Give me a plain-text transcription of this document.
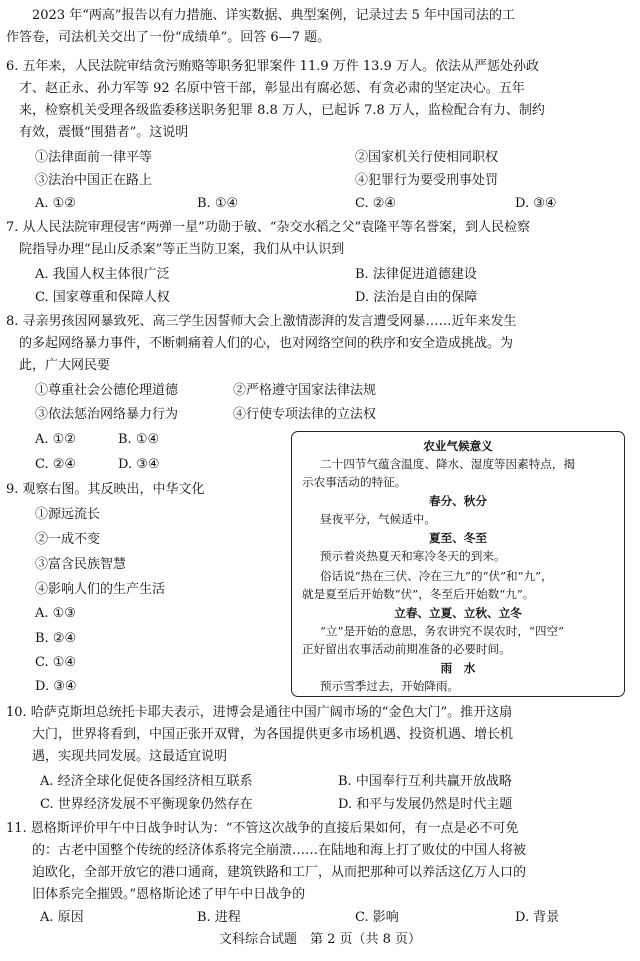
　　2023 年“两高”报告以有力措施、详实数据、典型案例，记录过去 5 年中国司法的工
作答卷，司法机关交出了一份“成绩单”。回答 6—7 题。
6. 五年来，人民法院审结贪污贿赂等职务犯罪案件 11.9 万件 13.9 万人。依法从严惩处孙政
　才、赵正永、孙力军等 92 名原中管干部，彰显出有腐必惩、有贪必肃的坚定决心。五年
　来，检察机关受理各级监委移送职务犯罪 8.8 万人，已起诉 7.8 万人，监检配合有力、制约
　有效，震慑“围猎者”。这说明
①法律面前一律平等	②国家机关行使相同职权
③法治中国正在路上	④犯罪行为要受刑事处罚
A. ①②	B. ①④	C. ②④	D. ③④
7. 从人民法院审理侵害“两弹一星”功勋于敏、“杂交水稻之父”袁隆平等名誉案，到人民检察
　院指导办理“昆山反杀案”等正当防卫案，我们从中认识到
A. 我国人权主体很广泛	B. 法律促进道德建设
C. 国家尊重和保障人权	D. 法治是自由的保障
8. 寻亲男孩因网暴致死、高三学生因誓师大会上激情澎湃的发言遭受网暴……近年来发生
　的多起网络暴力事件，不断刺痛着人们的心，也对网络空间的秩序和安全造成挑战。为
　此，广大网民要
①尊重社会公德伦理道德	②严格遵守国家法律法规
③依法惩治网络暴力行为	④行使专项法律的立法权
A. ①②	B. ①④
C. ②④	D. ③④
9. 观察右图。其反映出，中华文化
①源远流长
②一成不变
③富含民族智慧
④影响人们的生产生活
A. ①③
B. ②④
C. ①④
D. ③④
农业气候意义
二十四节气蕴含温度、降水、湿度等因素特点，揭
示农事活动的特征。
春分、秋分
昼夜平分，气候适中。
夏至、冬至
预示着炎热夏天和寒冷冬天的到来。
俗话说“热在三伏、冷在三九”的“伏”和“九”，
就是夏至后开始数“伏”，冬至后开始数“九”。
立春、立夏、立秋、立冬
“立”是开始的意思，务农讲究不误农时，“四空”
正好留出农事活动前期准备的必要时间。
雨　水
预示雪季过去，开始降雨。
10. 哈萨克斯坦总统托卡耶夫表示，进博会是通往中国广阔市场的“金色大门”。推开这扇
　　大门，世界将看到，中国正张开双臂，为各国提供更多市场机遇、投资机遇、增长机
　　遇，实现共同发展。这最适宜说明
A. 经济全球化促使各国经济相互联系	B. 中国奉行互利共赢开放战略
C. 世界经济发展不平衡现象仍然存在	D. 和平与发展仍然是时代主题
11. 恩格斯评价甲午中日战争时认为：“不管这次战争的直接后果如何，有一点是必不可免
　　的：古老中国整个传统的经济体系将完全崩溃……在陆地和海上打了败仗的中国人将被
　　迫欧化，全部开放它的港口通商，建筑铁路和工厂，从而把那种可以养活这亿万人口的
　　旧体系完全摧毁。”恩格斯论述了甲午中日战争的
A. 原因	B. 进程	C. 影响	D. 背景
文科综合试题　第 2 页（共 8 页）
